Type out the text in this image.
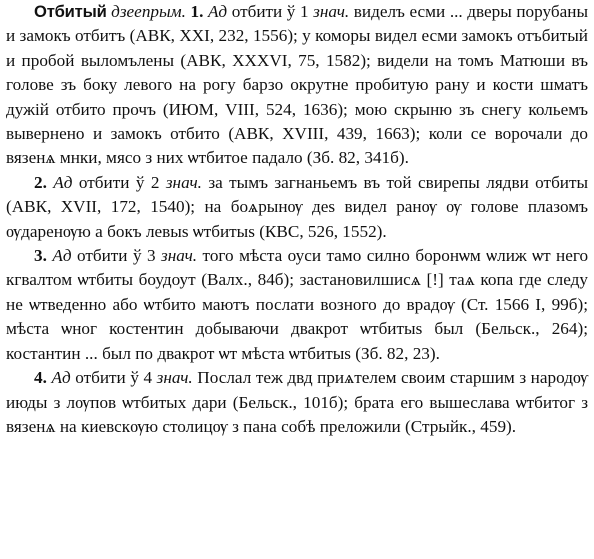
Отбитый дзеепрым. 1. Ад отбити ў 1 знач. виделъ есми ... дверы порубаны и замокъ отбитъ (АВК, XXI, 232, 1556); у коморы видел есми замокъ отъбитый и пробой выломълены (АВК, XXXVI, 75, 1582); видели на томъ Матюши въ голове зъ боку левого на рогу барзо окрутне пробитую рану и кости шматъ дужій отбито прочъ (ИЮМ, VIII, 524, 1636); мою скрыню зъ снегу кольемъ вывернено и замокъ отбито (АВК, XVIII, 439, 1663); коли се ворочали до вязенѧ мнки, мясо з них ѡтбитое падало (Зб. 82, 341б).

2. Ад отбити ў 2 знач. за тымъ загнаньемъ въ той свирепы лядви отбиты (АВК, XVII, 172, 1540); на боѧрынѹ деs видел ранѹ ѹ голове плазомъ ѹдаренѹю а бокъ левыs ѡтбитыs (КВС, 526, 1552).

3. Ад отбити ў 3 знач. того мѣста оуси тамо силно боронѡм ѡлиж ѡт него кгвалтом ѡтбиты боудоут (Валх., 84б); застановилшисѧ [!] таѧ копа где следу не ѡтведенно або ѡтбито маютъ послати возного до врадѹ (Ст. 1566 I, 99б); мѣста ѡног костентин добываючи двакрот ѡтбитыs был (Бельск., 264); костантин ... был по двакрот ѡт мѣста ѡтбитыs (Зб. 82, 23).

4. Ад отбити ў 4 знач. Послал теж двд приѧтелем своим старшим з народѹ июды з лѹпов ѡтбитых дари (Бельск., 101б); брата его вышеслава ѡтбитог з вязенѧ на киевскѹю столицѹ з пана собѣ преложили (Стрыйк., 459).
